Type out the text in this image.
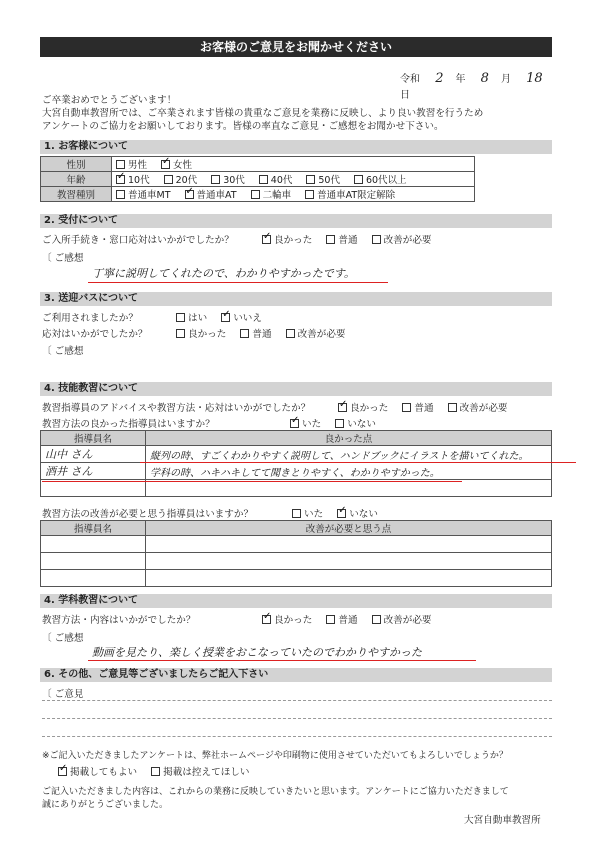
お客様のご意見をお聞かせください
令和 2 年 8 月 18日
ご卒業おめでとうございます！
大宮自動車教習所では、ご卒業されます皆様の貴重なご意見を業務に反映し、より良い教習を行うため
アンケートのご協力をお願いしております。皆様の率直なご意見・ご感想をお聞かせ下さい。
1. お客様について
性別	男性 ✓ 女性
年齢	✓10代 20代 30代 40代 50代 60代以上
教習種別	普通車MT ✓ 普通車AT 二輪車 普通車AT限定解除
2. 受付について
ご入所手続き・窓口応対はいかがでしたか？ ✓	良かった	普通	改善が必要
〔 ご感想
丁寧に説明してくれたので、わかりやすかったです。
3. 送迎バスについて
ご利用されましたか？	はい ✓	いいえ
応対はいかがでしたか？	良かった	普通	改善が必要
〔 ご感想
4. 技能教習について
教習指導員のアドバイスや教習方法・応対はいかがでしたか？ ✓	良かった	普通	改善が必要
教習方法の良かった指導員はいますか？ ✓	いた	いない
指導員名	良かった点
山中 さん	縦列の時、すごくわかりやすく説明して、ハンドブックにイラストを描いてくれた。
酒井 さん	学科の時、ハキハキしてて聞きとりやすく、わかりやすかった。

教習方法の改善が必要と思う指導員はいますか？	いた ✓	いない
指導員名	改善が必要と思う点

4. 学科教習について
教習方法・内容はいかがでしたか？ ✓	良かった	普通	改善が必要
〔 ご感想
動画を見たり、楽しく授業をおこなっていたのでわかりやすかった
6. その他、ご意見等ございましたらご記入下さい
〔 ご意見
※ご記入いただきましたアンケートは、弊社ホームページや印刷物に使用させていただいてもよろしいでしょうか？
✓掲載してもよい	掲載は控えてほしい
ご記入いただきました内容は、これからの業務に反映していきたいと思います。アンケートにご協力いただきまして
誠にありがとうございました。
大宮自動車教習所
